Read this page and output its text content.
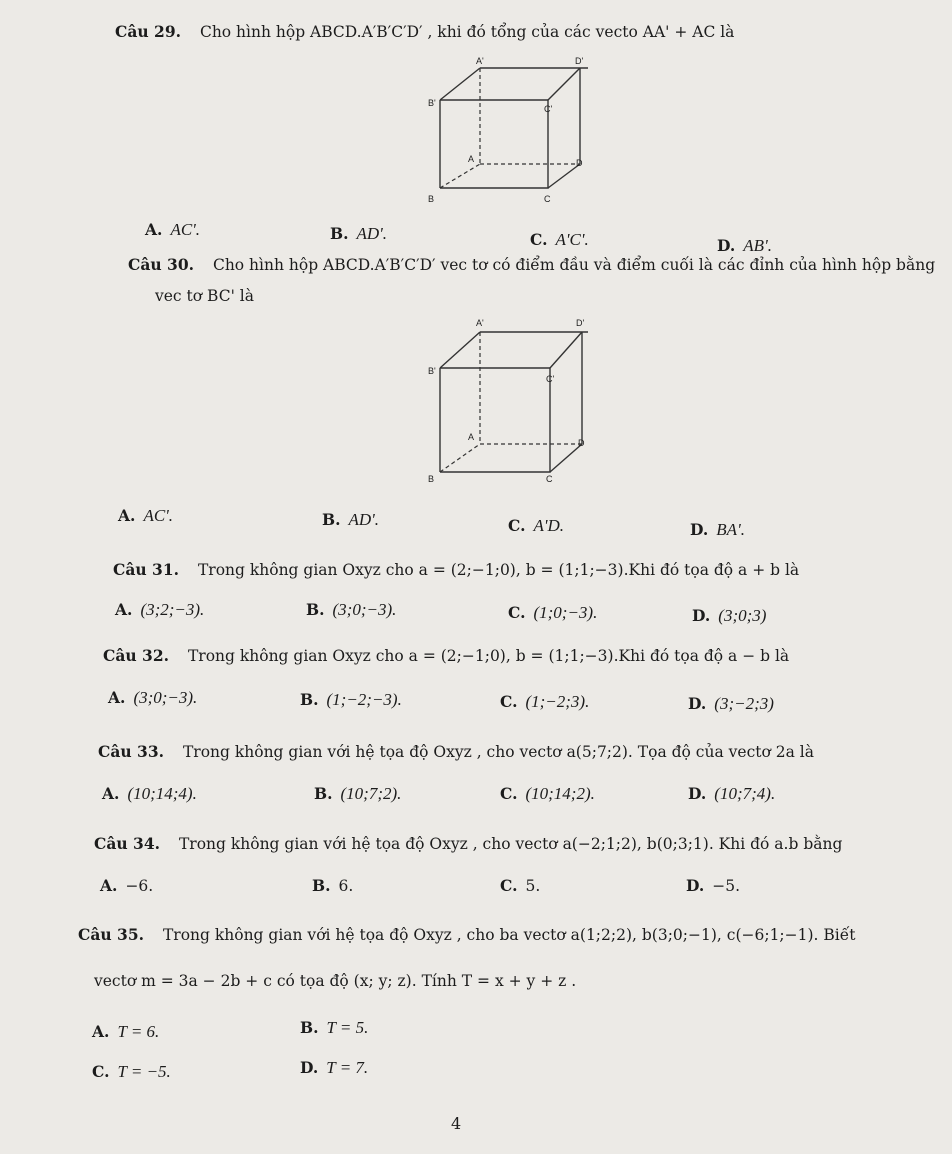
Câu 29. Cho hình hộp ABCD.A′B′C′D′ , khi đó tổng của các vecto AA' + AC là
A'	D'
B'
C'
A	D
B	C
A. AC'.	B. AD'.	C. A'C'.	D. AB'.
Câu 30. Cho hình hộp ABCD.A′B′C′D′ vec tơ có điểm đầu và điểm cuối là các đỉnh của hình hộp bằng
vec tơ BC' là
A'	D'
B'
C'
A
D
B	C
A. AC'.	B. AD'.	C. A'D.	D. BA'.
Câu 31. Trong không gian Oxyz cho a = (2;−1;0), b = (1;1;−3).Khi đó tọa độ a + b là
A. (3;2;−3).	B. (3;0;−3).	C. (1;0;−3).	D. (3;0;3)
Câu 32. Trong không gian Oxyz cho a = (2;−1;0), b = (1;1;−3).Khi đó tọa độ a − b là
A. (3;0;−3).	B. (1;−2;−3).	C. (1;−2;3).	D. (3;−2;3)
Câu 33. Trong không gian với hệ tọa độ Oxyz , cho vectơ a(5;7;2). Tọa độ của vectơ 2a là
A. (10;14;4).	B. (10;7;2).	C. (10;14;2).	D. (10;7;4).
Câu 34. Trong không gian với hệ tọa độ Oxyz , cho vectơ a(−2;1;2), b(0;3;1). Khi đó a.b bằng
A. −6.	B. 6.	C. 5.	D. −5.
Câu 35. Trong không gian với hệ tọa độ Oxyz , cho ba vectơ a(1;2;2), b(3;0;−1), c(−6;1;−1). Biết
vectơ m = 3a − 2b + c có tọa độ (x; y; z). Tính T = x + y + z .
A. T = 6.	B. T = 5.
C. T = −5.	D. T = 7.
4
